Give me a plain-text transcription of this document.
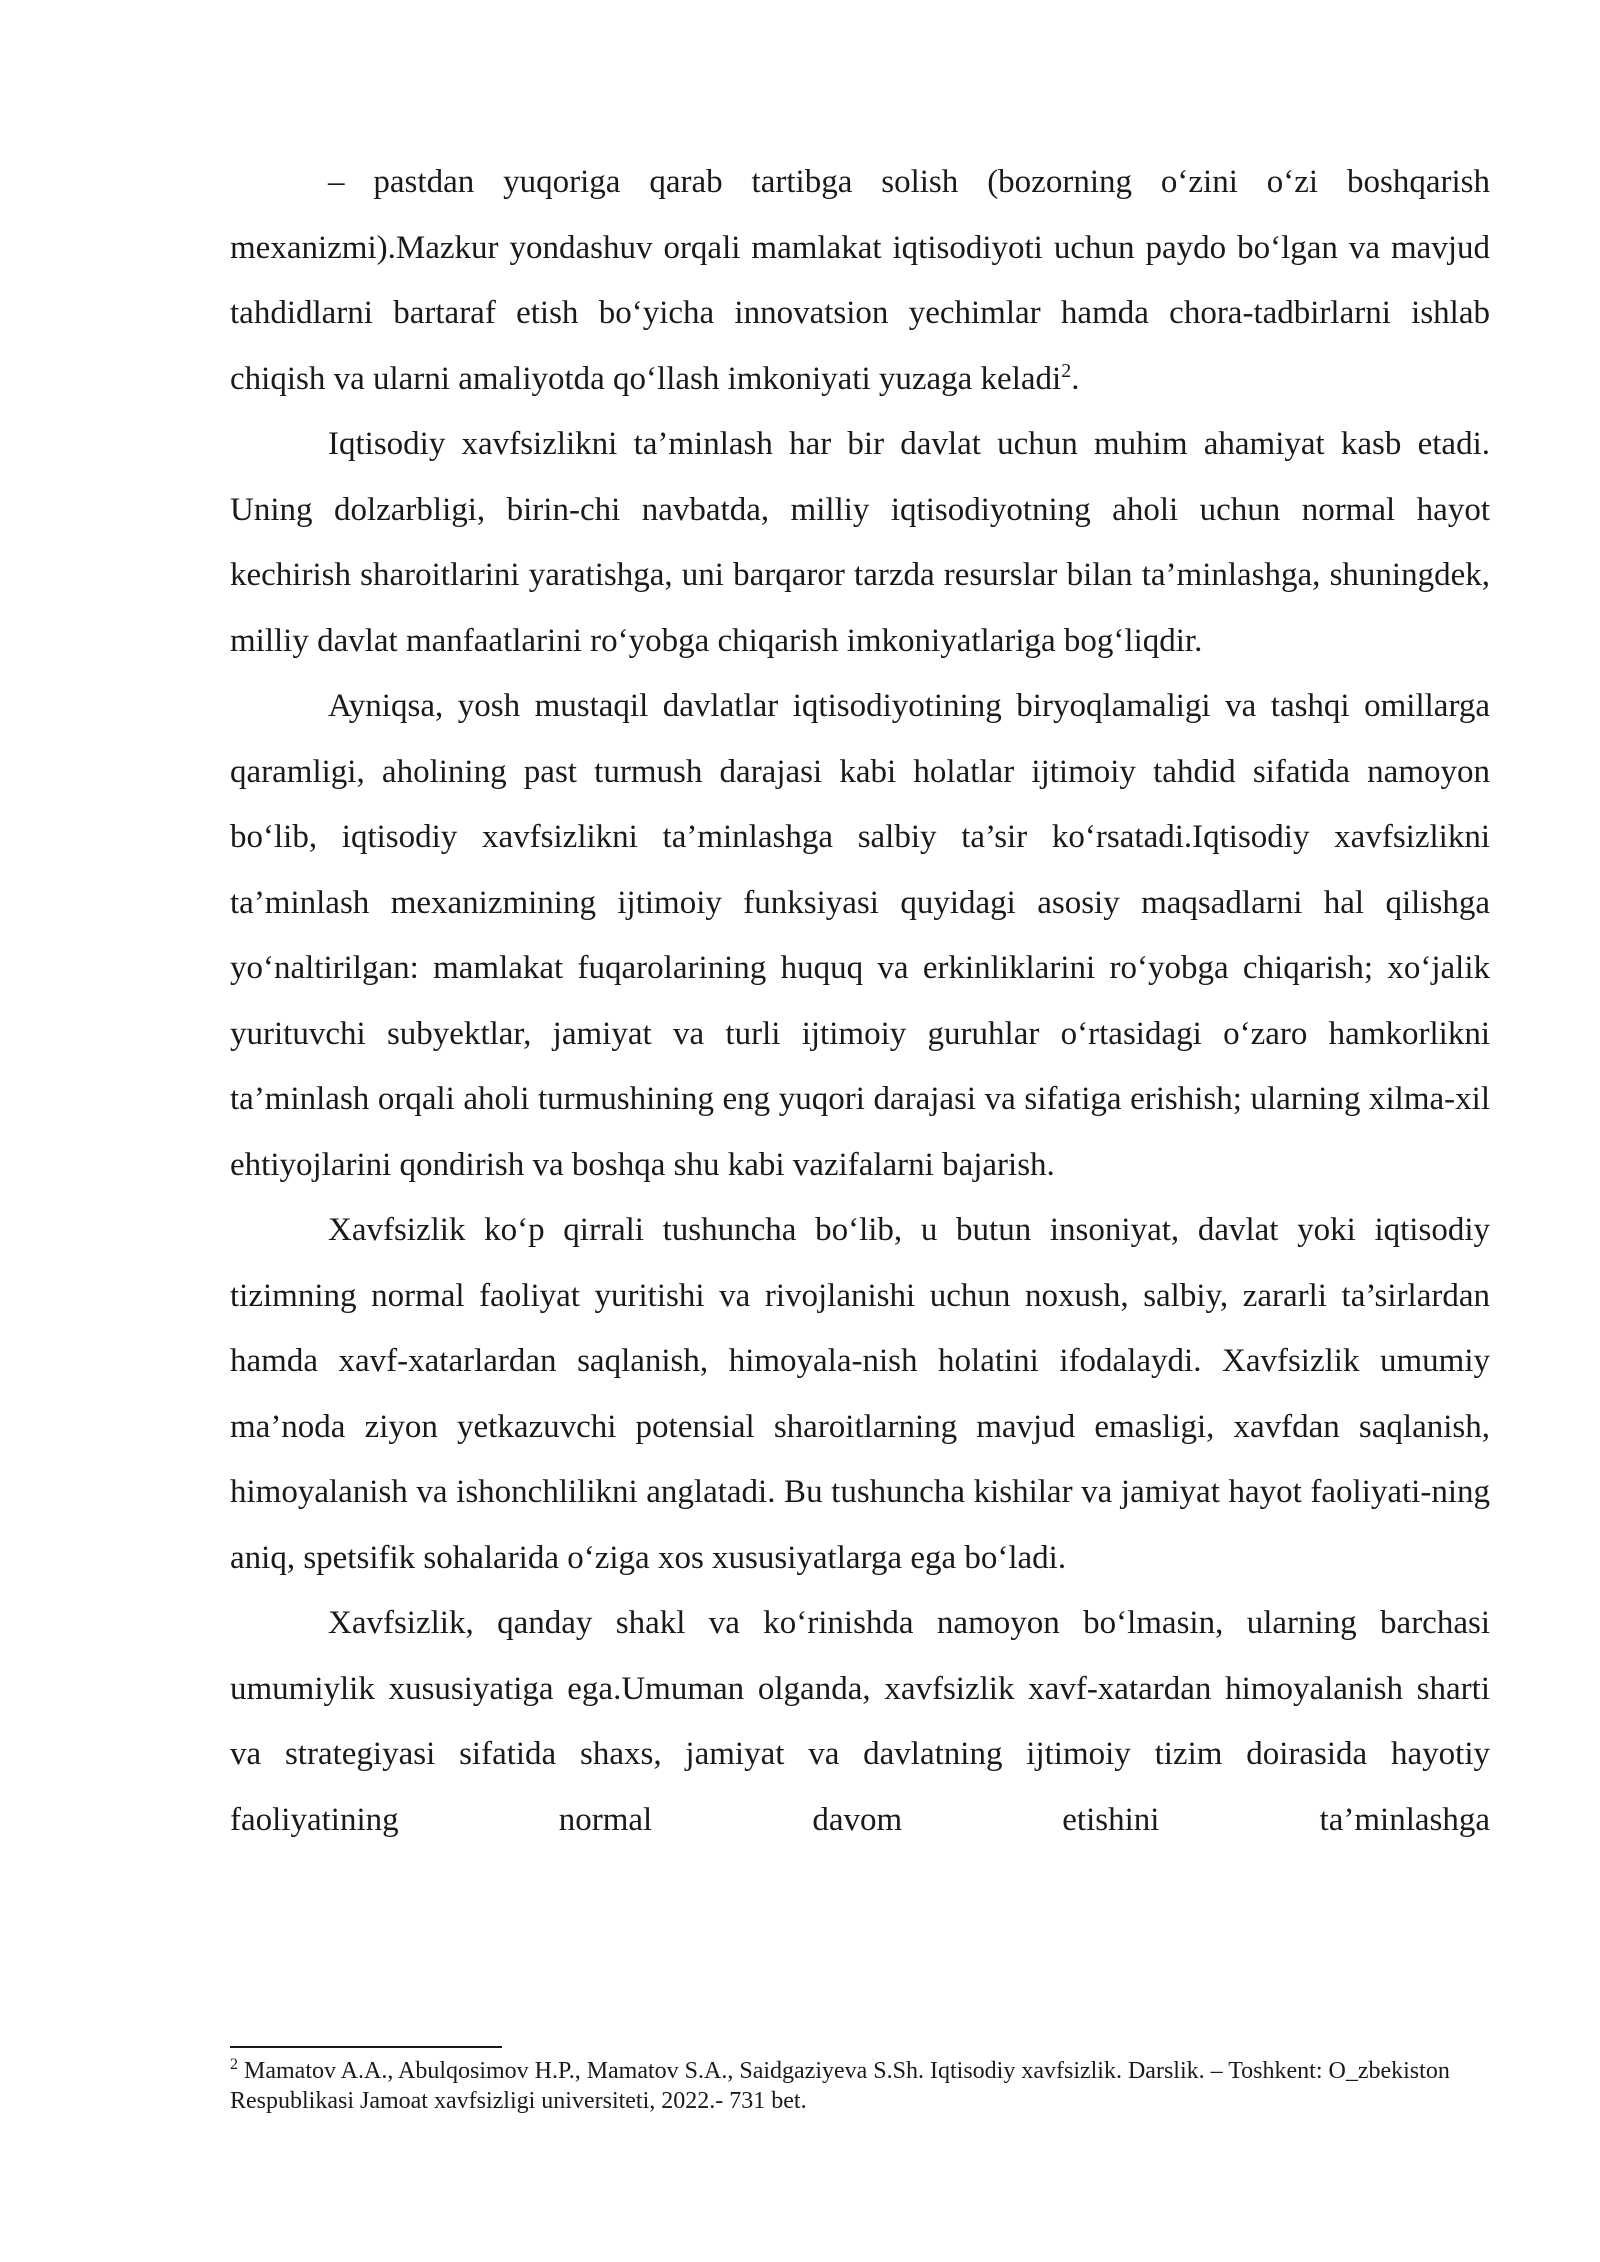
– pastdan yuqoriga qarab tartibga solish (bozorning o‘zini o‘zi boshqarish mexanizmi).Mazkur yondashuv orqali mamlakat iqtisodiyoti uchun paydo bo‘lgan va mavjud tahdidlarni bartaraf etish bo‘yicha innovatsion yechimlar hamda chora-tadbirlarni ishlab chiqish va ularni amaliyotda qo‘llash imkoniyati yuzaga keladi$^2$.

Iqtisodiy xavfsizlikni ta’minlash har bir davlat uchun muhim ahamiyat kasb etadi. Uning dolzarbligi, birin-chi navbatda, milliy iqtisodiyotning aholi uchun normal hayot kechirish sharoitlarini yaratishga, uni barqaror tarzda resurslar bilan ta’minlashga, shuningdek, milliy davlat manfaatlarini ro‘yobga chiqarish imkoniyatlariga bog‘liqdir.

Ayniqsa, yosh mustaqil davlatlar iqtisodiyotining biryoqlamaligi va tashqi omillarga qaramligi, aholining past turmush darajasi kabi holatlar ijtimoiy tahdid sifatida namoyon bo‘lib, iqtisodiy xavfsizlikni ta’minlashga salbiy ta’sir ko‘rsatadi.Iqtisodiy xavfsizlikni ta’minlash mexanizmining ijtimoiy funksiyasi quyidagi asosiy maqsadlarni hal qilishga yo‘naltirilgan: mamlakat fuqarolarining huquq va erkinliklarini ro‘yobga chiqarish; xo‘jalik yurituvchi subyektlar, jamiyat va turli ijtimoiy guruhlar o‘rtasidagi o‘zaro hamkorlikni ta’minlash orqali aholi turmushining eng yuqori darajasi va sifatiga erishish; ularning xilma-xil ehtiyojlarini qondirish va boshqa shu kabi vazifalarni bajarish.

Xavfsizlik ko‘p qirrali tushuncha bo‘lib, u butun insoniyat, davlat yoki iqtisodiy tizimning normal faoliyat yuritishi va rivojlanishi uchun noxush, salbiy, zararli ta’sirlardan hamda xavf-xatarlardan saqlanish, himoyala-nish holatini ifodalaydi. Xavfsizlik umumiy ma’noda ziyon yetkazuvchi potensial sharoitlarning mavjud emasligi, xavfdan saqlanish, himoyalanish va ishonchlilikni anglatadi. Bu tushuncha kishilar va jamiyat hayot faoliyati-ning aniq, spetsifik sohalarida o‘ziga xos xususiyatlarga ega bo‘ladi.

Xavfsizlik, qanday shakl va ko‘rinishda namoyon bo‘lmasin, ularning barchasi umumiylik xususiyatiga ega.Umuman olganda, xavfsizlik xavf-xatardan himoyalanish sharti va strategiyasi sifatida shaxs, jamiyat va davlatning ijtimoiy tizim doirasida hayotiy faoliyatining normal davom etishini ta’minlashga

$^2$ Mamatov A.A., Abulqosimov H.P., Mamatov S.A., Saidgaziyeva S.Sh. Iqtisodiy xavfsizlik. Darslik. – Toshkent: O_zbekiston Respublikasi Jamoat xavfsizligi universiteti, 2022.- 731 bet.
